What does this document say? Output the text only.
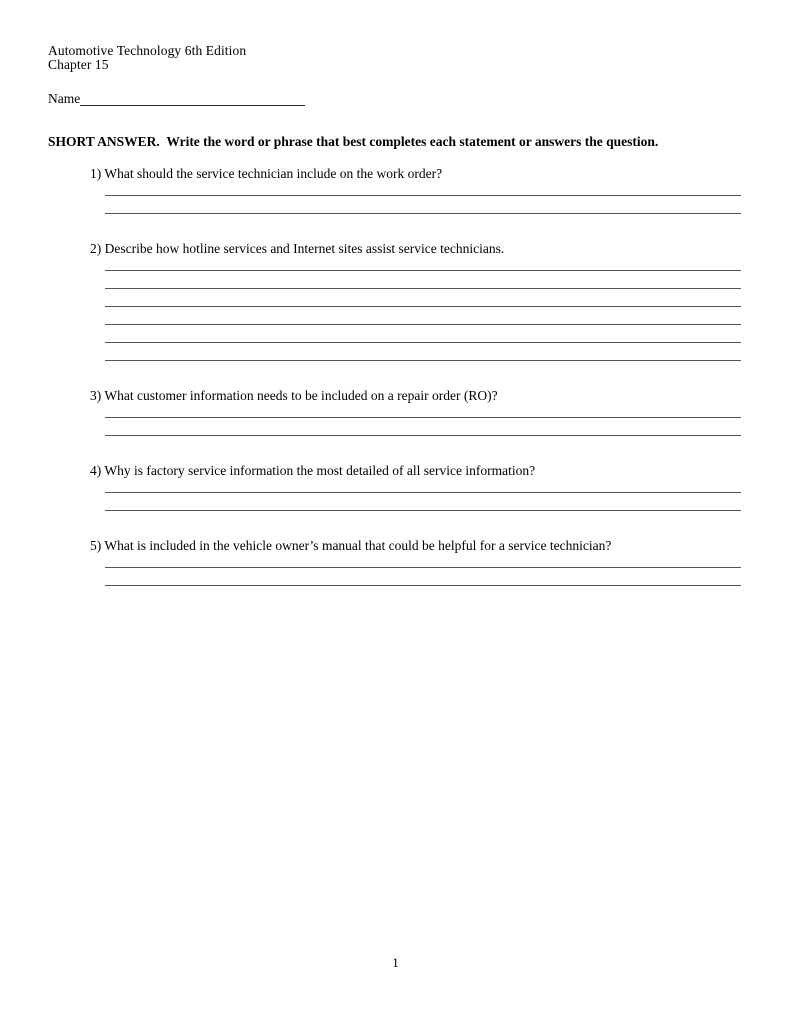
Automotive Technology 6th Edition
Chapter 15
Name
SHORT ANSWER.  Write the word or phrase that best completes each statement or answers the question.
1) What should the service technician include on the work order?
2) Describe how hotline services and Internet sites assist service technicians.
3) What customer information needs to be included on a repair order (RO)?
4) Why is factory service information the most detailed of all service information?
5) What is included in the vehicle owner’s manual that could be helpful for a service technician?
1
